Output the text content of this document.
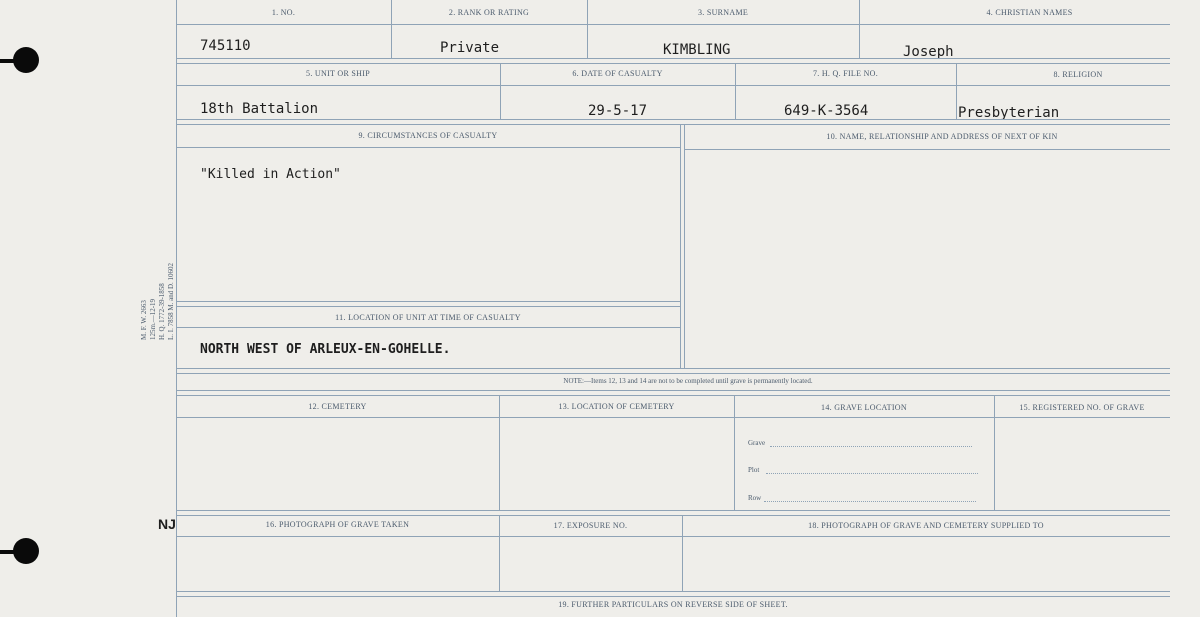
M. F. W. 2663 125m.—12-19 H. Q. 1772-39-1858 L. I. 7858 M. and D. 10602
NJ
1. NO.	2. RANK OR RATING	3. SURNAME	4. CHRISTIAN NAMES
745110	Private	KIMBLING	Joseph
5. UNIT OR SHIP	6. DATE OF CASUALTY	7. H. Q. FILE NO.	8. RELIGION
18th Battalion	29-5-17	649-K-3564	Presbyterian
9. CIRCUMSTANCES OF CASUALTY	10. NAME, RELATIONSHIP AND ADDRESS OF NEXT OF KIN
"Killed in Action"
11. LOCATION OF UNIT AT TIME OF CASUALTY
NORTH WEST OF ARLEUX-EN-GOHELLE.
NOTE:—Items 12, 13 and 14 are not to be completed until grave is permanently located.
12. CEMETERY	13. LOCATION OF CEMETERY	14. GRAVE LOCATION	15. REGISTERED NO. OF GRAVE
Grave
Plot
Row
16. PHOTOGRAPH OF GRAVE TAKEN	17. EXPOSURE NO.	18. PHOTOGRAPH OF GRAVE AND CEMETERY SUPPLIED TO
19. FURTHER PARTICULARS ON REVERSE SIDE OF SHEET.
